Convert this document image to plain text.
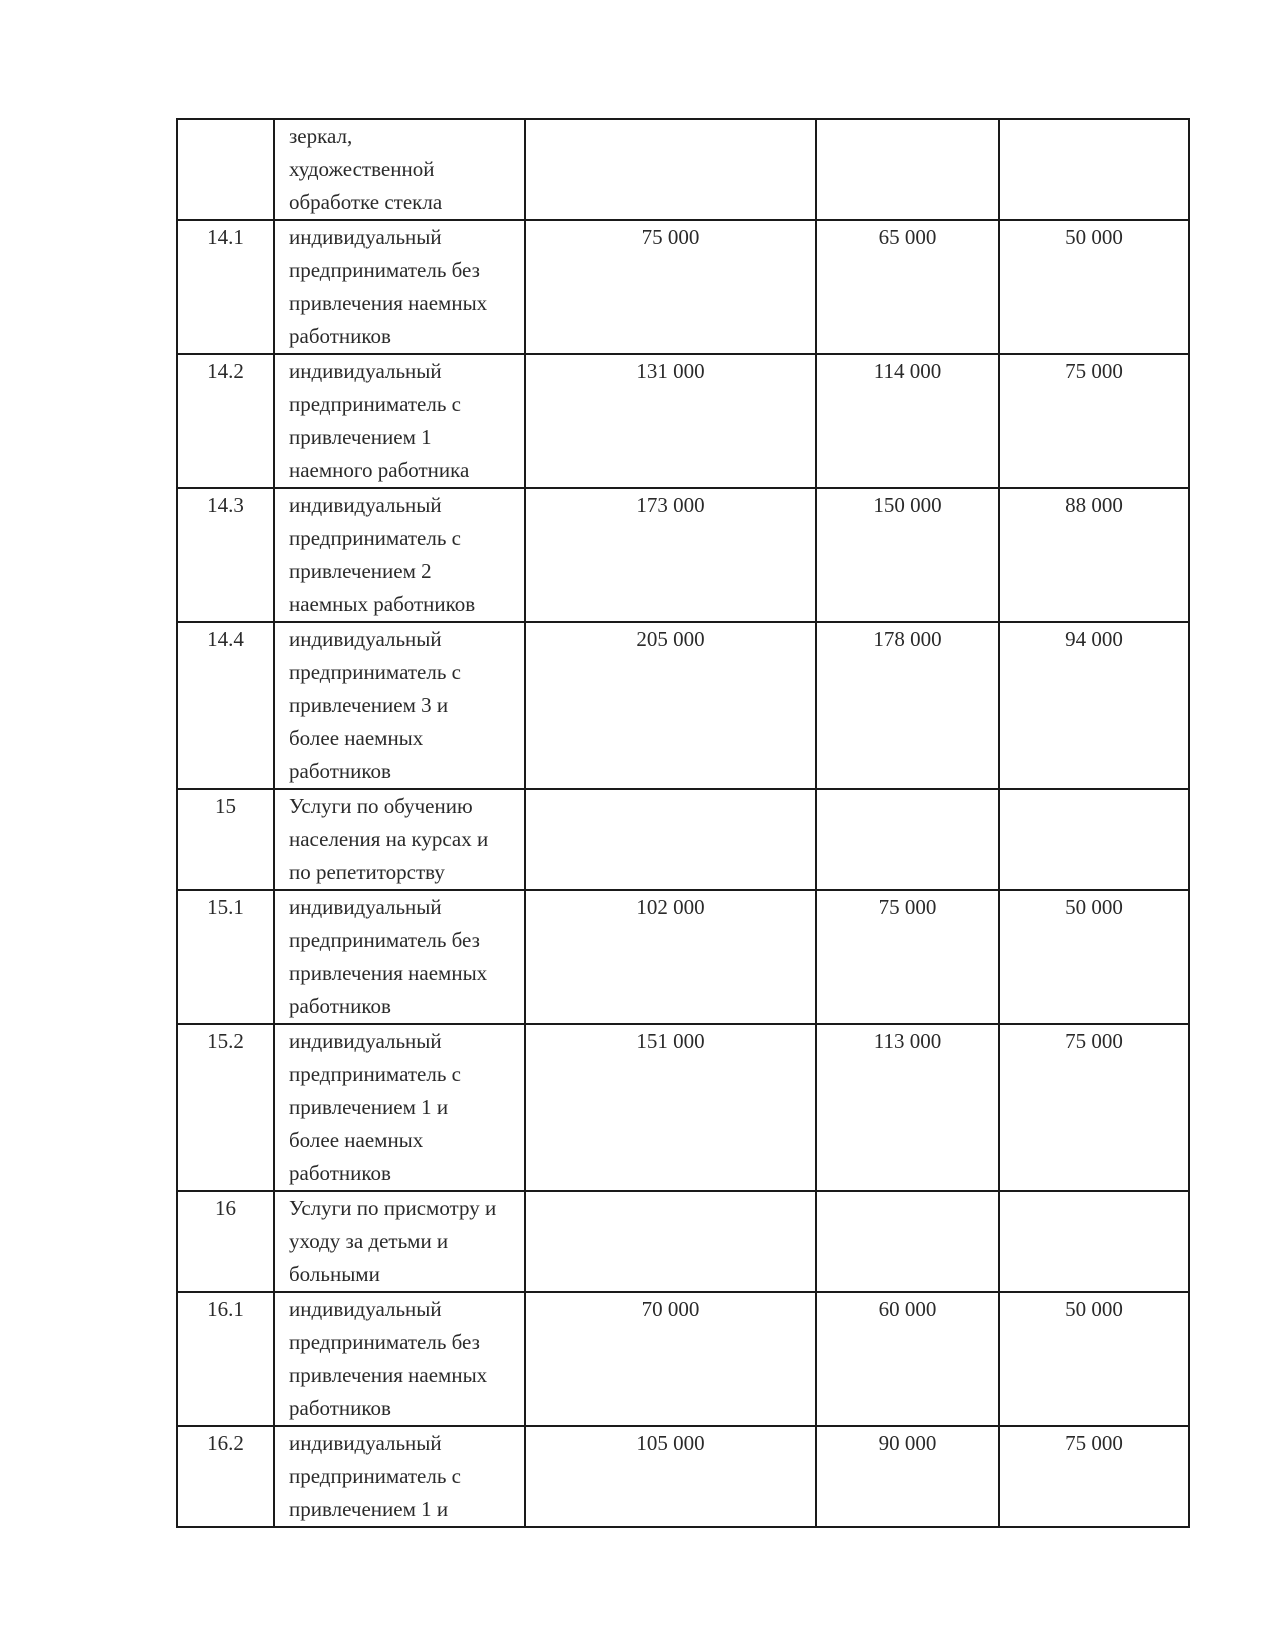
	зеркал,
художественной
обработке стекла			

14.1	индивидуальный
предприниматель без
привлечения наемных
работников	75 000	65 000	50 000
14.2	индивидуальный
предприниматель с
привлечением 1
наемного работника	131 000	114 000	75 000
14.3	индивидуальный
предприниматель с
привлечением 2
наемных работников	173 000	150 000	88 000
14.4	индивидуальный
предприниматель с
привлечением 3 и
более наемных
работников	205 000	178 000	94 000
15	Услуги по обучению
населения на курсах и
по репетиторству			

15.1	индивидуальный
предприниматель без
привлечения наемных
работников	102 000	75 000	50 000
15.2	индивидуальный
предприниматель с
привлечением 1 и
более наемных
работников	151 000	113 000	75 000
16	Услуги по присмотру и
уходу за детьми и
больными			

16.1	индивидуальный
предприниматель без
привлечения наемных
работников	70 000	60 000	50 000
16.2	индивидуальный
предприниматель с
привлечением 1 и	105 000	90 000	75 000
